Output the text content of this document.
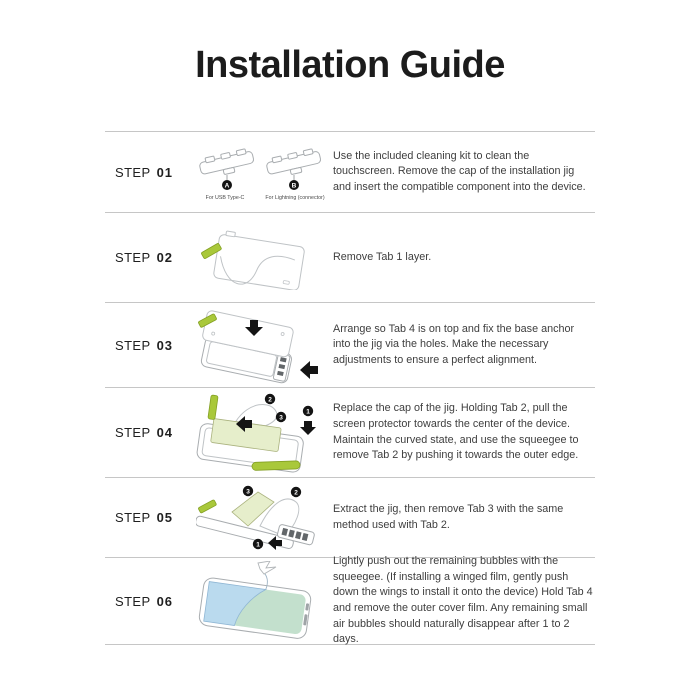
Installation Guide
STEP 01
A
For USB Type-C
B
For Lightning (connector)

Use the included cleaning kit to clean the touchscreen. Remove the cap of the installation jig and insert the compatible component into the device.

STEP 02	Remove Tab 1 layer.

STEP 03

Arrange so Tab 4 is on top and fix the base anchor into the jig via the holes. Make the necessary adjustments to ensure a perfect alignment.

STEP 04
2
3
1 Replace the cap of the jig. Holding Tab 2, pull the screen protector towards the center of the device. Maintain the curved state, and use the squeegee to remove Tab 2 by pushing it towards the outer edge.

STEP 05
3	2
1

Extract the jig, then remove Tab 3 with the same method used with Tab 2.

STEP 06

Lightly push out the remaining bubbles with the squeegee. (If installing a winged film, gently push down the wings to install it onto the device) Hold Tab 4 and remove the outer cover film. Any remaining small air bubbles should naturally disappear after 1 to 2 days.
